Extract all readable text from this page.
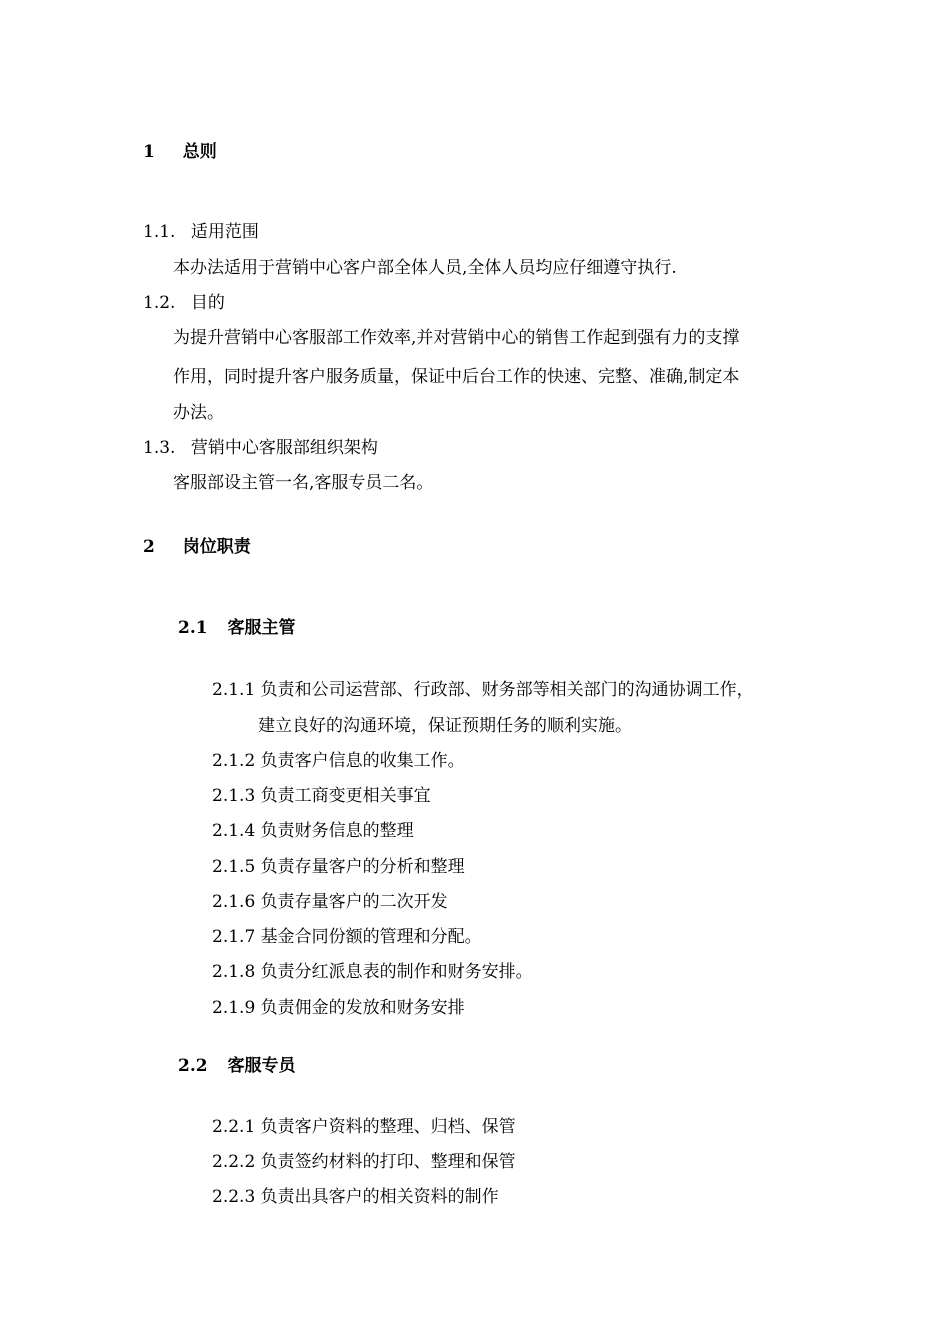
1 总则
1.1. 适用范围
本办法适用于营销中心客户部全体人员,全体人员均应仔细遵守执行.
1.2. 目的
为提升营销中心客服部工作效率,并对营销中心的销售工作起到强有力的支撑
作用，同时提升客户服务质量，保证中后台工作的快速、完整、准确,制定本
办法。
1.3. 营销中心客服部组织架构
客服部设主管一名,客服专员二名。
2 岗位职责
2.1 客服主管
2.1.1 负责和公司运营部、行政部、财务部等相关部门的沟通协调工作，
建立良好的沟通环境，保证预期任务的顺利实施。
2.1.2 负责客户信息的收集工作。
2.1.3 负责工商变更相关事宜
2.1.4 负责财务信息的整理
2.1.5 负责存量客户的分析和整理
2.1.6 负责存量客户的二次开发
2.1.7 基金合同份额的管理和分配。
2.1.8 负责分红派息表的制作和财务安排。
2.1.9 负责佣金的发放和财务安排
2.2 客服专员
2.2.1 负责客户资料的整理、归档、保管
2.2.2 负责签约材料的打印、整理和保管
2.2.3 负责出具客户的相关资料的制作
